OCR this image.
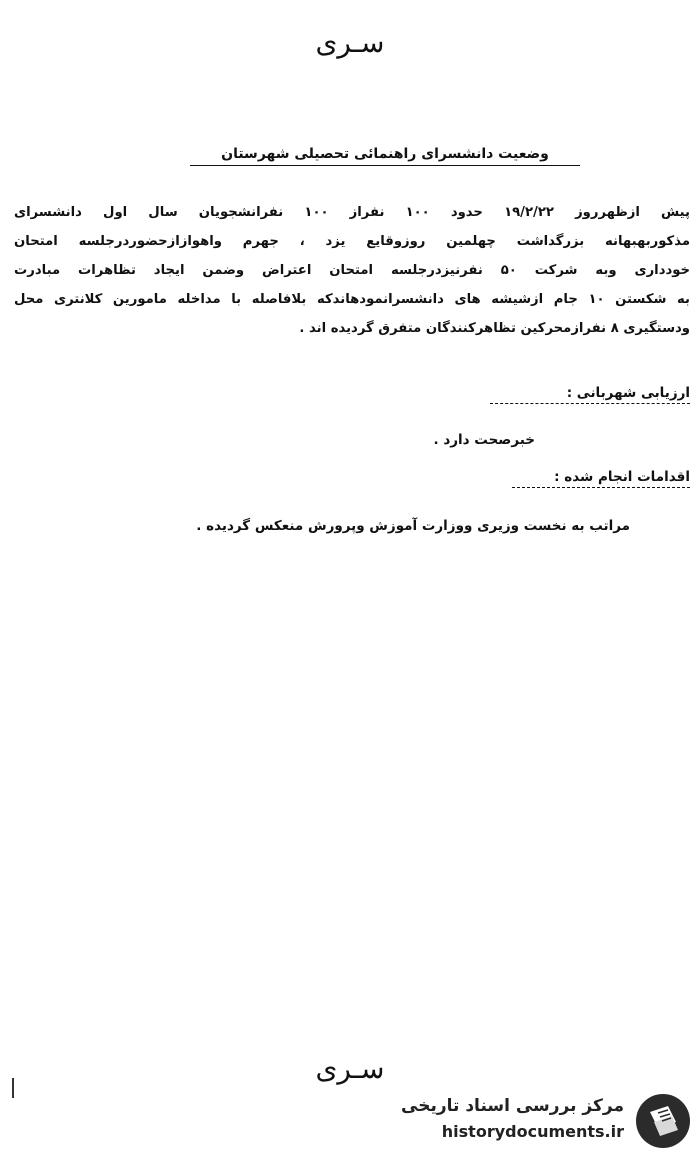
سـری
وضعیت دانشسرای راهنمائی تحصیلی شهرستان
پیش ازظهرروز ۱۹/۲/۲۲ حدود ۱۰۰ نفراز ۱۰۰ نفرانشجویان سال اول دانشسرای
مذکوربهبهانه بزرگداشت چهلمین روزوقایع یزد ، جهرم واهوازازحضوردرجلسه امتحان
خودداری وبه شرکت ۵۰ نفرنیزدرجلسه امتحان اعتراض وضمن ایجاد تظاهرات مبادرت
به شکستن ۱۰ جام ازشیشه های دانشسرانمودهاندکه بلافاصله با مداخله مامورین کلانتری محل
ودستگیری ۸ نفرازمحرکین تظاهرکنندگان متفرق گردیده اند .
ارزیابی شهربانی :
خبرصحت دارد .
اقدامات انجام شده :
مراتب به نخست وزیری ووزارت آموزش وپرورش منعکس گردیده .
سـری
مرکز بررسی اسناد تاریخی
historydocuments.ir
